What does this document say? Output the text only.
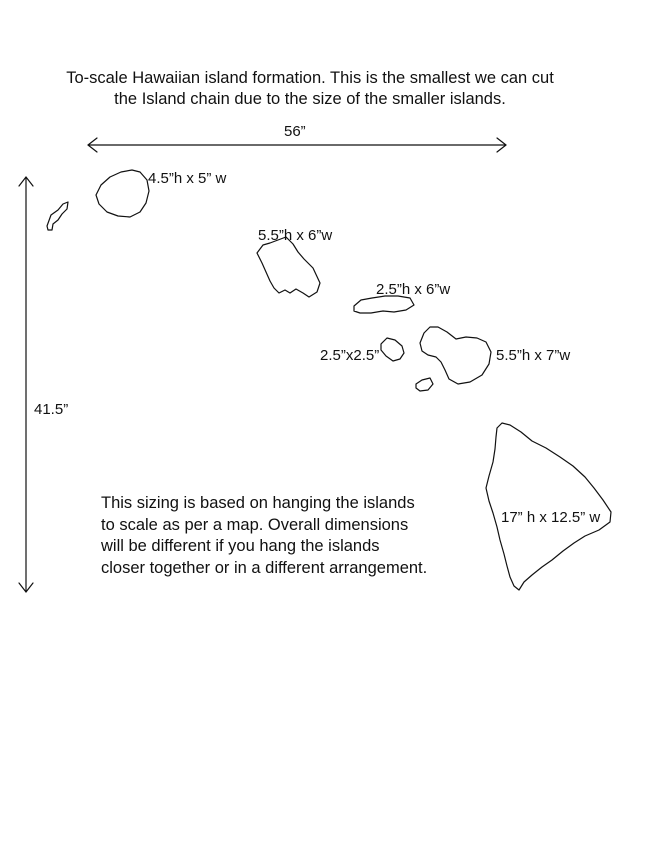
To-scale Hawaiian island formation. This is the smallest we can cut
the Island chain due to the size of the smaller islands.
4.5”h x 5” w
5.5”h x 6”w
2.5”h x 6”w
2.5”x2.5”	5.5”h x 7”w
17” h x 12.5” w
56”
41.5”
This sizing is based on hanging the islands
to scale as per a map. Overall dimensions
will be different if you hang the islands
closer together or in a different arrangement.
